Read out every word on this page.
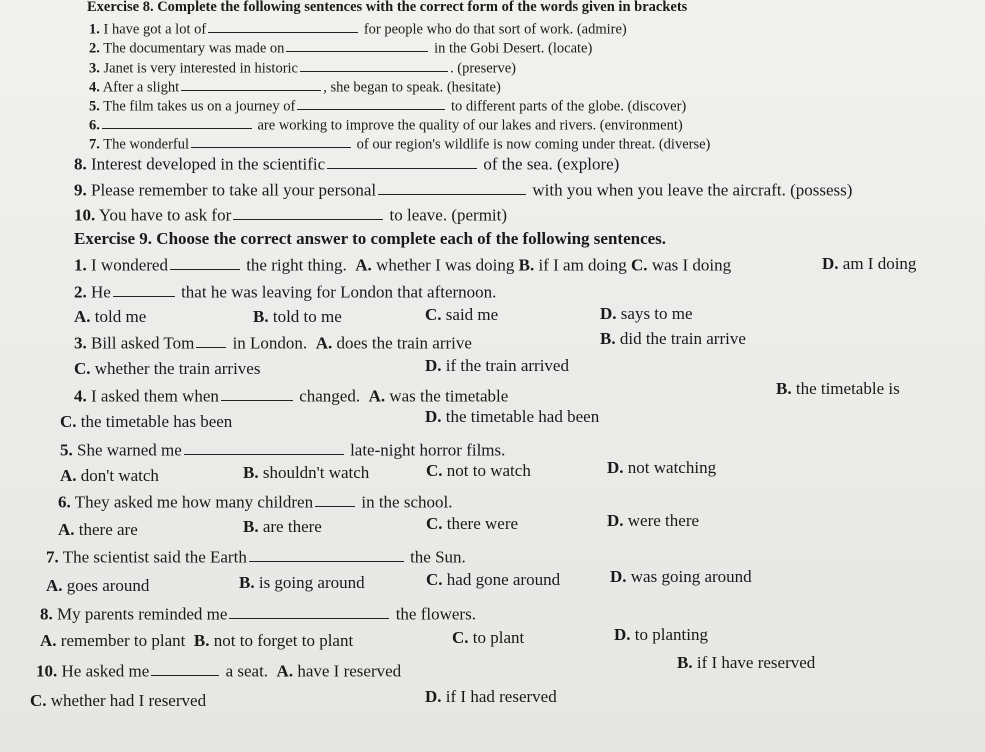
Exercise 8. Complete the following sentences with the correct form of the words given in brackets
1. I have got a lot of	for people who do that sort of work. (admire)
2. The documentary was made on	in the Gobi Desert. (locate)
3. Janet is very interested in historic	. (preserve)
4. After a slight	, she began to speak. (hesitate)
5. The film takes us on a journey of	to different parts of the globe. (discover)
6.	are working to improve the quality of our lakes and rivers. (environment)
7. The wonderful	of our region's wildlife is now coming under threat. (diverse)
8. Interest developed in the scientific	of the sea. (explore)
9. Please remember to take all your personal	with you when you leave the aircraft. (possess)
10. You have to ask for	to leave. (permit)
Exercise 9. Choose the correct answer to complete each of the following sentences.
1. I wondered	the right thing. A. whether I was doing B. if I am doing C. was I doing	D. am I doing
2. He	that he was leaving for London that afternoon.
A. told me	B. told to me	C. said me	D. says to me
3. Bill asked Tom in London. A. does the train arrive	B. did the train arrive
C. whether the train arrives	D. if the train arrived
4. I asked them when	changed. A. was the timetable	B. the timetable is
C. the timetable has been	D. the timetable had been
5. She warned me	late-night horror films.
A. don't watch	B. shouldn't watch	C. not to watch	D. not watching
6. They asked me how many children	in the school.
A. there are	B. are there	C. there were	D. were there
7. The scientist said the Earth	the Sun.
A. goes around	B. is going around	C. had gone around	D. was going around
8. My parents reminded me	the flowers.
A. remember to plant B. not to forget to plant	C. to plant	D. to planting
10. He asked me	a seat. A. have I reserved	B. if I have reserved
C. whether had I reserved	D. if I had reserved
